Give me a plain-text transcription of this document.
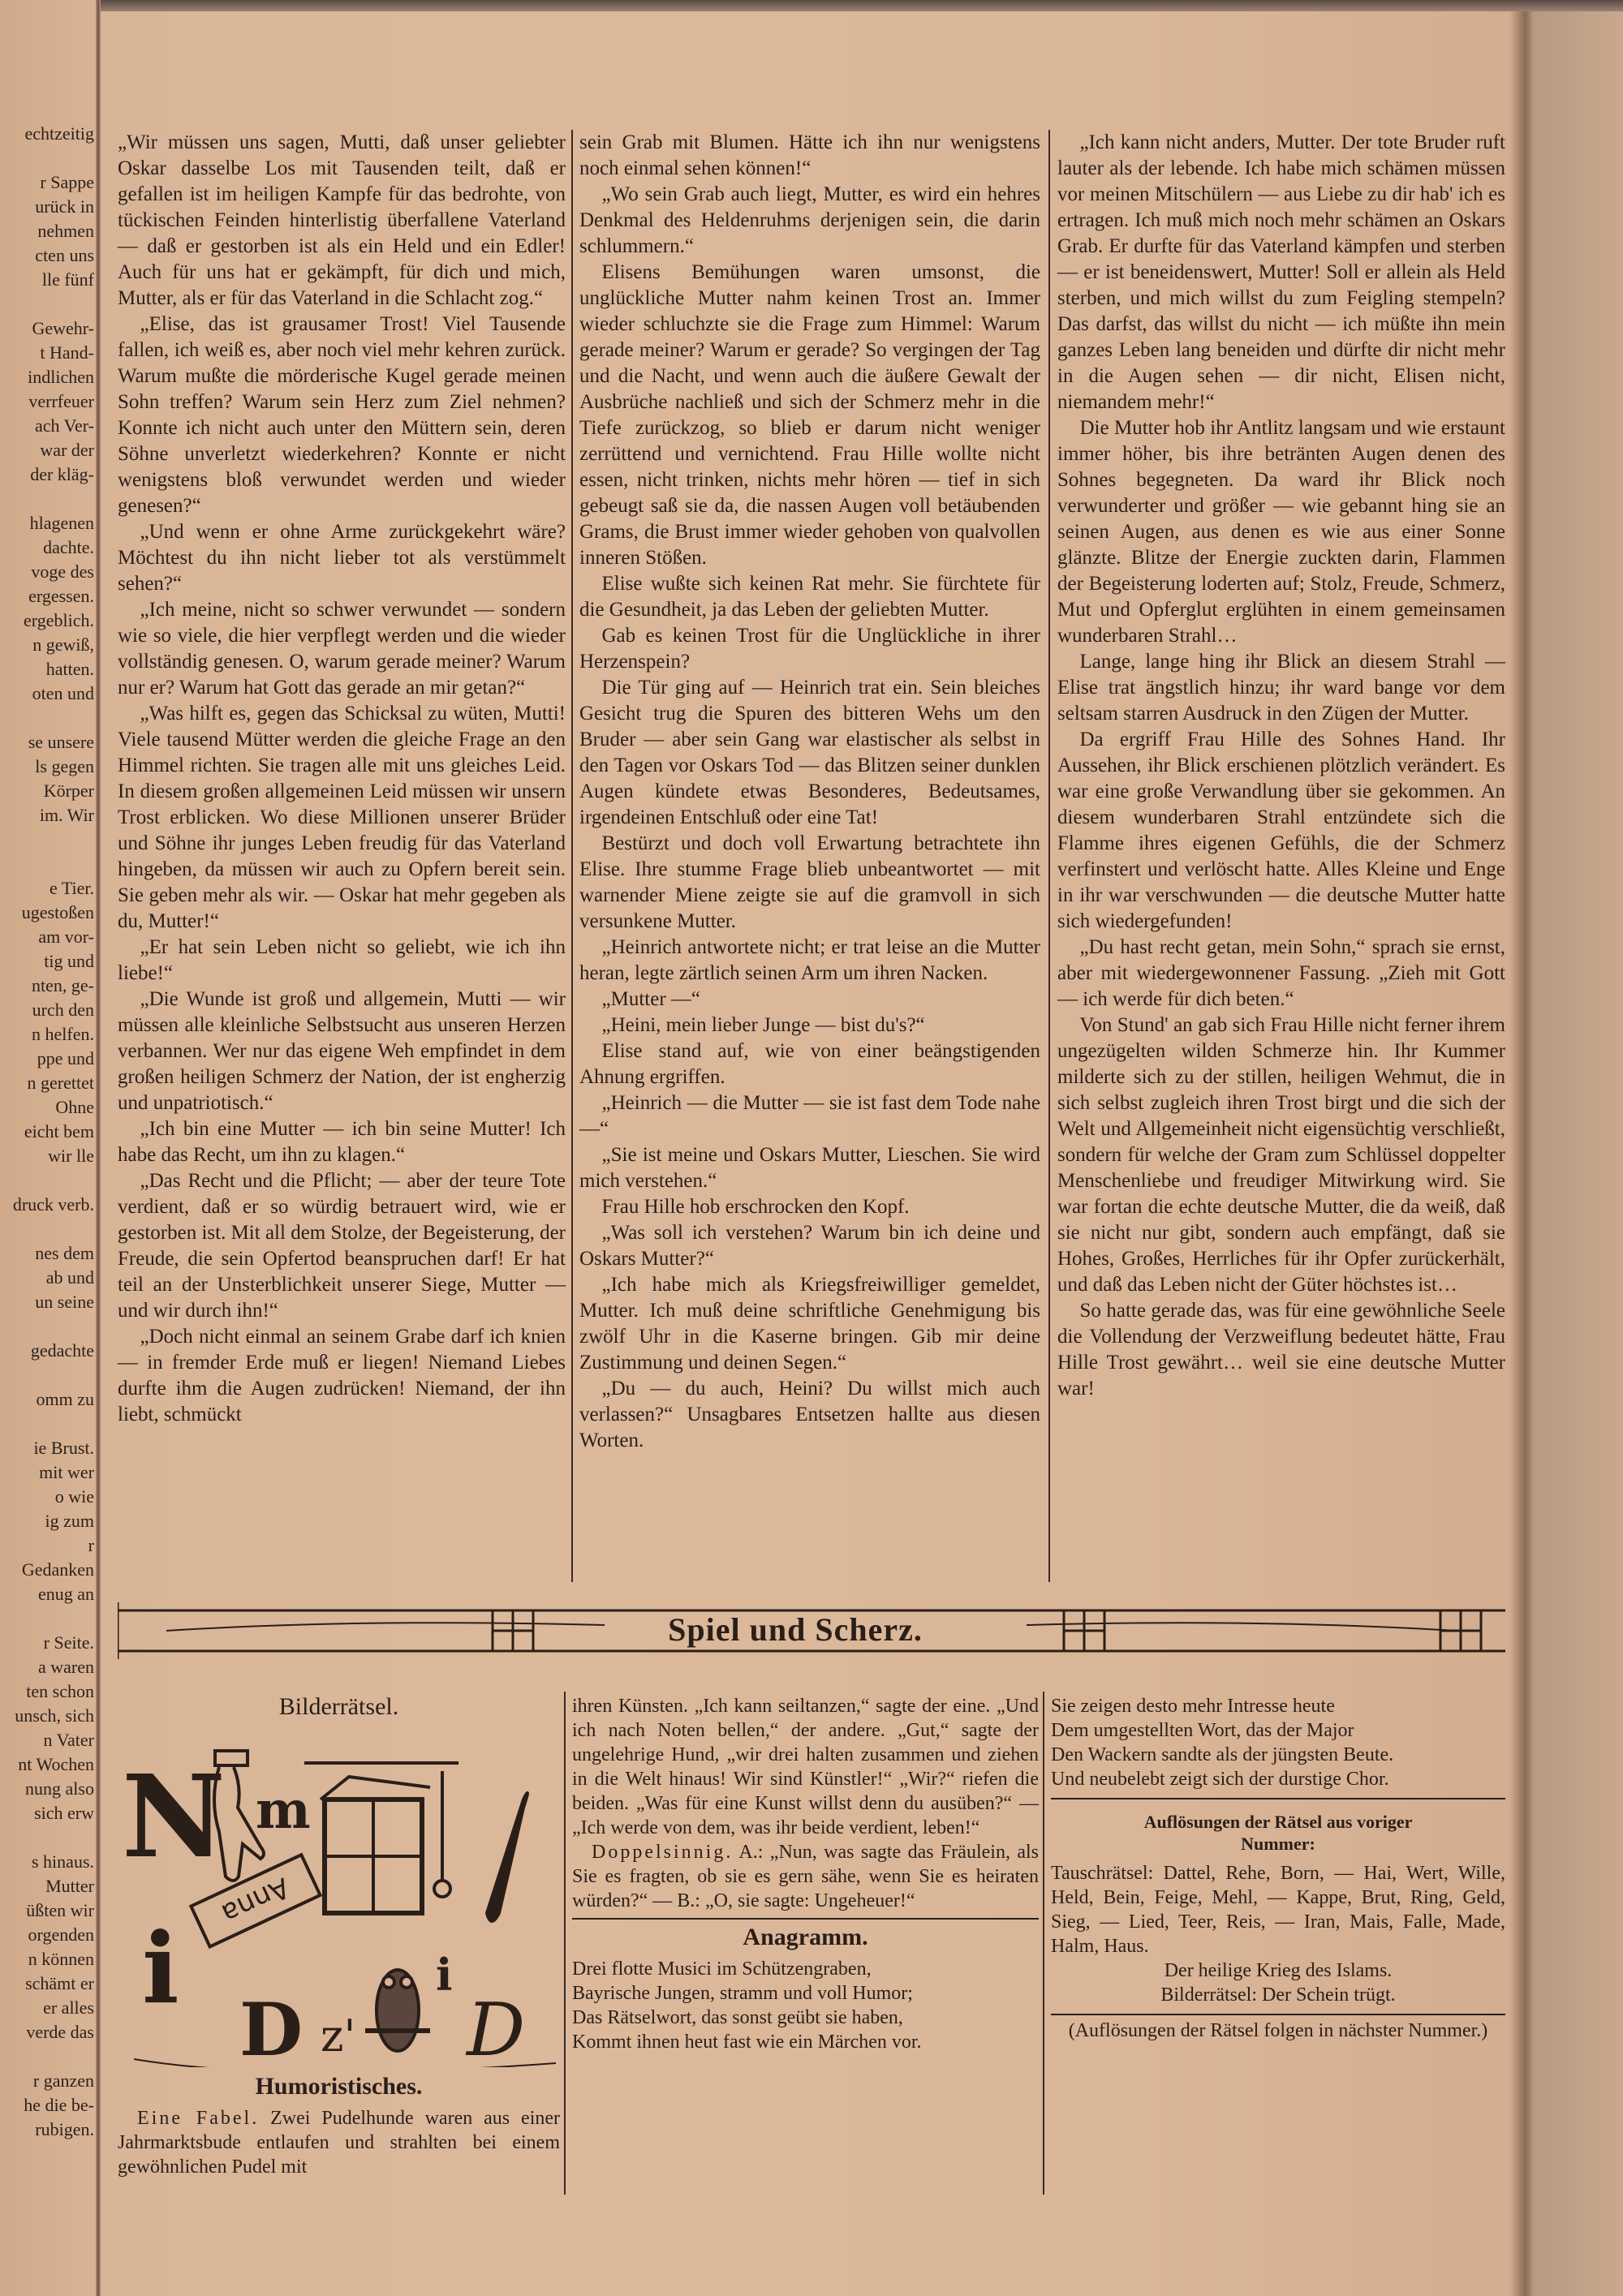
echtzeitig

r Sappe
urück in
nehmen
cten uns
lle fünf

Gewehr-
t Hand-
indlichen
verrfeuer
ach Ver-
war der
der kläg-

hlagenen
dachte.
voge des
ergessen.
ergeblich.
n gewiß,
hatten.
oten und

se unsere
ls gegen
Körper
im. Wir

e Tier.
ugestoßen
am vor-
tig und
nten, ge-
urch den
n helfen.
ppe und
n gerettet
Ohne
eicht bem
wir lle

druck verb.

nes dem
ab und
un seine

gedachte

omm zu

ie Brust.
mit wer
o wie
ig zum
r
Gedanken
enug an

r Seite.
a waren
ten schon
unsch, sich
n Vater
nt Wochen
nung also
sich erw

s hinaus.
Mutter
üßten wir
orgenden
n können
schämt er
er alles
verde das

r ganzen
he die be-
rubigen.

„Wir müssen uns sagen, Mutti, daß unser geliebter Oskar dasselbe Los mit Tausenden teilt, daß er gefallen ist im heiligen Kampfe für das bedrohte, von tückischen Feinden hinterlistig überfallene Vaterland — daß er gestorben ist als ein Held und ein Edler! Auch für uns hat er gekämpft, für dich und mich, Mutter, als er für das Vaterland in die Schlacht zog.“

„Elise, das ist grausamer Trost! Viel Tausende fallen, ich weiß es, aber noch viel mehr kehren zurück. Warum mußte die mörderische Kugel gerade meinen Sohn treffen? Warum sein Herz zum Ziel nehmen? Konnte ich nicht auch unter den Müttern sein, deren Söhne unverletzt wiederkehren? Konnte er nicht wenigstens bloß verwundet werden und wieder genesen?“

„Und wenn er ohne Arme zurückgekehrt wäre? Möchtest du ihn nicht lieber tot als verstümmelt sehen?“

„Ich meine, nicht so schwer verwundet — sondern wie so viele, die hier verpflegt werden und die wieder vollständig genesen. O, warum gerade meiner? Warum nur er? Warum hat Gott das gerade an mir getan?“

„Was hilft es, gegen das Schicksal zu wüten, Mutti! Viele tausend Mütter werden die gleiche Frage an den Himmel richten. Sie tragen alle mit uns gleiches Leid. In diesem großen allgemeinen Leid müssen wir unsern Trost erblicken. Wo diese Millionen unserer Brüder und Söhne ihr junges Leben freudig für das Vaterland hingeben, da müssen wir auch zu Opfern bereit sein. Sie geben mehr als wir. — Oskar hat mehr gegeben als du, Mutter!“

„Er hat sein Leben nicht so geliebt, wie ich ihn liebe!“

„Die Wunde ist groß und allgemein, Mutti — wir müssen alle kleinliche Selbstsucht aus unseren Herzen verbannen. Wer nur das eigene Weh empfindet in dem großen heiligen Schmerz der Nation, der ist engherzig und unpatriotisch.“

„Ich bin eine Mutter — ich bin seine Mutter! Ich habe das Recht, um ihn zu klagen.“

„Das Recht und die Pflicht; — aber der teure Tote verdient, daß er so würdig betrauert wird, wie er gestorben ist. Mit all dem Stolze, der Begeisterung, der Freude, die sein Opfertod beanspruchen darf! Er hat teil an der Unsterblichkeit unserer Siege, Mutter — und wir durch ihn!“

„Doch nicht einmal an seinem Grabe darf ich knien — in fremder Erde muß er liegen! Niemand Liebes durfte ihm die Augen zudrücken! Niemand, der ihn liebt, schmückt

sein Grab mit Blumen. Hätte ich ihn nur wenigstens noch einmal sehen können!“

„Wo sein Grab auch liegt, Mutter, es wird ein hehres Denkmal des Heldenruhms derjenigen sein, die darin schlummern.“

Elisens Bemühungen waren umsonst, die unglückliche Mutter nahm keinen Trost an. Immer wieder schluchzte sie die Frage zum Himmel: Warum gerade meiner? Warum er gerade? So vergingen der Tag und die Nacht, und wenn auch die äußere Gewalt der Ausbrüche nachließ und sich der Schmerz mehr in die Tiefe zurückzog, so blieb er darum nicht weniger zerrüttend und vernichtend. Frau Hille wollte nicht essen, nicht trinken, nichts mehr hören — tief in sich gebeugt saß sie da, die nassen Augen voll betäubenden Grams, die Brust immer wieder gehoben von qualvollen inneren Stößen.

Elise wußte sich keinen Rat mehr. Sie fürchtete für die Gesundheit, ja das Leben der geliebten Mutter.

Gab es keinen Trost für die Unglückliche in ihrer Herzenspein?

Die Tür ging auf — Heinrich trat ein. Sein bleiches Gesicht trug die Spuren des bitteren Wehs um den Bruder — aber sein Gang war elastischer als selbst in den Tagen vor Oskars Tod — das Blitzen seiner dunklen Augen kündete etwas Besonderes, Bedeutsames, irgendeinen Entschluß oder eine Tat!

Bestürzt und doch voll Erwartung betrachtete ihn Elise. Ihre stumme Frage blieb unbeantwortet — mit warnender Miene zeigte sie auf die gramvoll in sich versunkene Mutter.

„Heinrich antwortete nicht; er trat leise an die Mutter heran, legte zärtlich seinen Arm um ihren Nacken.

„Mutter —“

„Heini, mein lieber Junge — bist du's?“

Elise stand auf, wie von einer beängstigenden Ahnung ergriffen.

„Heinrich — die Mutter — sie ist fast dem Tode nahe —“

„Sie ist meine und Oskars Mutter, Lieschen. Sie wird mich verstehen.“

Frau Hille hob erschrocken den Kopf.

„Was soll ich verstehen? Warum bin ich deine und Oskars Mutter?“

„Ich habe mich als Kriegsfreiwilliger gemeldet, Mutter. Ich muß deine schriftliche Genehmigung bis zwölf Uhr in die Kaserne bringen. Gib mir deine Zustimmung und deinen Segen.“

„Du — du auch, Heini? Du willst mich auch verlassen?“ Unsagbares Entsetzen hallte aus diesen Worten.

„Ich kann nicht anders, Mutter. Der tote Bruder ruft lauter als der lebende. Ich habe mich schämen müssen vor meinen Mitschülern — aus Liebe zu dir hab' ich es ertragen. Ich muß mich noch mehr schämen an Oskars Grab. Er durfte für das Vaterland kämpfen und sterben — er ist beneidenswert, Mutter! Soll er allein als Held sterben, und mich willst du zum Feigling stempeln? Das darfst, das willst du nicht — ich müßte ihn mein ganzes Leben lang beneiden und dürfte dir nicht mehr in die Augen sehen — dir nicht, Elisen nicht, niemandem mehr!“

Die Mutter hob ihr Antlitz langsam und wie erstaunt immer höher, bis ihre betränten Augen denen des Sohnes begegneten. Da ward ihr Blick noch verwunderter und größer — wie gebannt hing sie an seinen Augen, aus denen es wie aus einer Sonne glänzte. Blitze der Energie zuckten darin, Flammen der Begeisterung loderten auf; Stolz, Freude, Schmerz, Mut und Opferglut erglühten in einem gemeinsamen wunderbaren Strahl…

Lange, lange hing ihr Blick an diesem Strahl — Elise trat ängstlich hinzu; ihr ward bange vor dem seltsam starren Ausdruck in den Zügen der Mutter.

Da ergriff Frau Hille des Sohnes Hand. Ihr Aussehen, ihr Blick erschienen plötzlich verändert. Es war eine große Verwandlung über sie gekommen. An diesem wunderbaren Strahl entzündete sich die Flamme ihres eigenen Gefühls, die der Schmerz verfinstert und verlöscht hatte. Alles Kleine und Enge in ihr war verschwunden — die deutsche Mutter hatte sich wiedergefunden!

„Du hast recht getan, mein Sohn,“ sprach sie ernst, aber mit wiedergewonnener Fassung. „Zieh mit Gott — ich werde für dich beten.“

Von Stund' an gab sich Frau Hille nicht ferner ihrem ungezügelten wilden Schmerze hin. Ihr Kummer milderte sich zu der stillen, heiligen Wehmut, die in sich selbst zugleich ihren Trost birgt und die sich der Welt und Allgemeinheit nicht eigensüchtig verschließt, sondern für welche der Gram zum Schlüssel doppelter Menschenliebe und freudiger Mitwirkung wird. Sie war fortan die echte deutsche Mutter, die da weiß, daß sie nicht nur gibt, sondern auch empfängt, daß sie Hohes, Großes, Herrliches für ihr Opfer zurückerhält, und daß das Leben nicht der Güter höchstes ist…

So hatte gerade das, was für eine gewöhnliche Seele die Vollendung der Verzweiflung bedeutet hätte, Frau Hille Trost gewährt… weil sie eine deutsche Mutter war!

Spiel und Scherz.
Bilderrätsel.
N m
i
D z'
i
D
Anna
Humoristisches.

Eine Fabel. Zwei Pudelhunde waren aus einer Jahrmarktsbude entlaufen und strahlten bei einem gewöhnlichen Pudel mit

ihren Künsten. „Ich kann seiltanzen,“ sagte der eine. „Und ich nach Noten bellen,“ der andere. „Gut,“ sagte der ungelehrige Hund, „wir drei halten zusammen und ziehen in die Welt hinaus! Wir sind Künstler!“ „Wir?“ riefen die beiden. „Was für eine Kunst willst denn du ausüben?“ — „Ich werde von dem, was ihr beide verdient, leben!“

Doppelsinnig. A.: „Nun, was sagte das Fräulein, als Sie es fragten, ob sie es gern sähe, wenn Sie es heiraten würden?“ — B.: „O, sie sagte: Ungeheuer!“

Anagramm.

Drei flotte Musici im Schützengraben,

Bayrische Jungen, stramm und voll Humor;

Das Rätselwort, das sonst geübt sie haben,

Kommt ihnen heut fast wie ein Märchen vor.

Sie zeigen desto mehr Intresse heute

Dem umgestellten Wort, das der Major

Den Wackern sandte als der jüngsten Beute.

Und neubelebt zeigt sich der durstige Chor.

Auflösungen der Rätsel aus voriger Nummer:

Tauschrätsel: Dattel, Rehe, Born, — Hai, Wert, Wille, Held, Bein, Feige, Mehl, — Kappe, Brut, Ring, Geld, Sieg, — Lied, Teer, Reis, — Iran, Mais, Falle, Made, Halm, Haus.

Der heilige Krieg des Islams.

Bilderrätsel: Der Schein trügt.

(Auflösungen der Rätsel folgen in nächster Nummer.)
